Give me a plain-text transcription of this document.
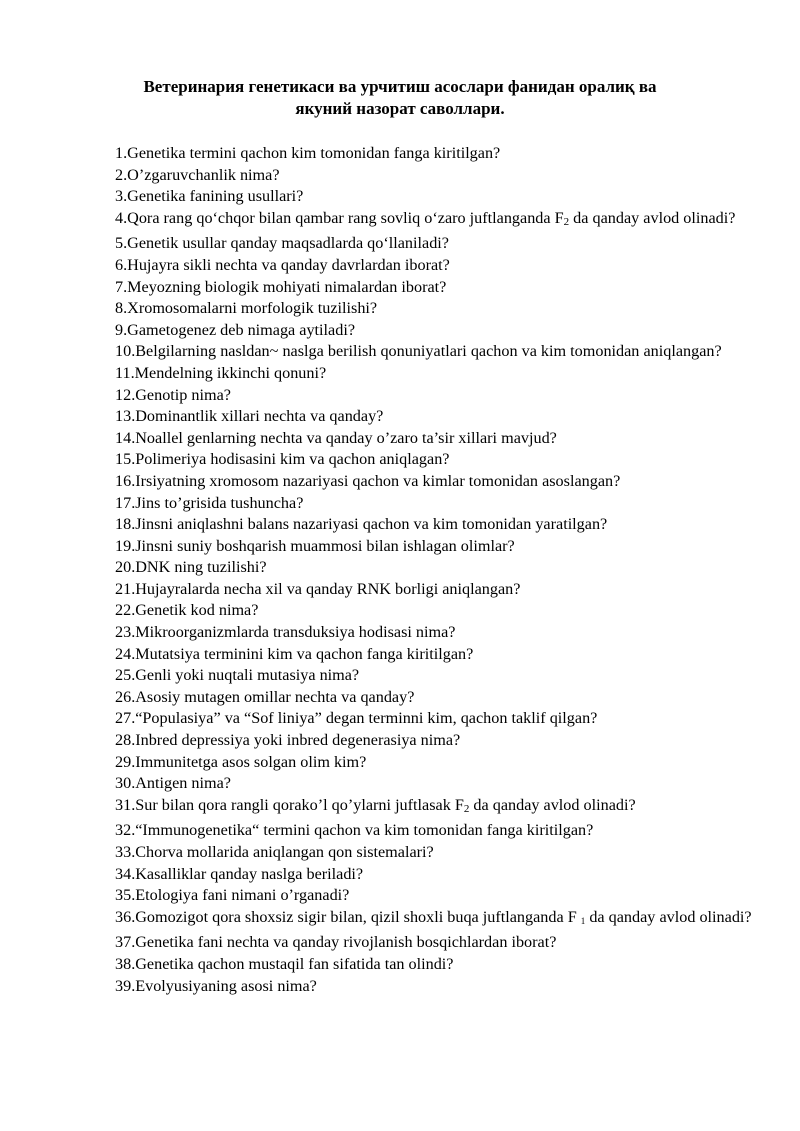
Ветеринария генетикаси ва урчитиш асослари фанидан оралиқ ва
якуний назорат саволлари.
1.Genetika termini qachon kim tomonidan fanga kiritilgan?
2.O’zgaruvchanlik nima?
3.Genetika fanining usullari?
4.Qora rang qo‘chqor bilan qambar rang sovliq o‘zaro juftlanganda F2 da qanday avlod olinadi?
5.Genetik usullar qanday maqsadlarda qo‘llaniladi?
6.Hujayra sikli nechta va qanday davrlardan iborat?
7.Meyozning biologik mohiyati nimalardan iborat?
8.Xromosomalarni morfologik tuzilishi?
9.Gametogenez deb nimaga aytiladi?
10.Belgilarning nasldan~ naslga berilish qonuniyatlari qachon va kim tomonidan aniqlangan?
11.Mendelning ikkinchi qonuni?
12.Genotip nima?
13.Dominantlik xillari nechta va qanday?
14.Noallel genlarning nechta va qanday o’zaro ta’sir xillari mavjud?
15.Polimeriya hodisasini kim va qachon aniqlagan?
16.Irsiyatning xromosom nazariyasi qachon va kimlar tomonidan asoslangan?
17.Jins to’grisida tushuncha?
18.Jinsni aniqlashni balans nazariyasi qachon va kim tomonidan yaratilgan?
19.Jinsni suniy boshqarish muammosi bilan ishlagan olimlar?
20.DNK ning tuzilishi?
21.Hujayralarda necha xil va qanday RNK borligi aniqlangan?
22.Genetik kod nima?
23.Mikroorganizmlarda transduksiya hodisasi nima?
24.Mutatsiya terminini kim va qachon fanga kiritilgan?
25.Genli yoki nuqtali mutasiya nima?
26.Asosiy mutagen omillar nechta va qanday?
27.“Populasiya” va “Sof liniya” degan terminni kim, qachon taklif qilgan?
28.Inbred depressiya yoki inbred degenerasiya nima?
29.Immunitetga asos solgan olim kim?
30.Antigen nima?
31.Sur bilan qora rangli qorako’l qo’ylarni juftlasak F2 da qanday avlod olinadi?
32.“Immunogenetika“ termini qachon va kim tomonidan fanga kiritilgan?
33.Chorva mollarida aniqlangan qon sistemalari?
34.Kasalliklar qanday naslga beriladi?
35.Etologiya fani nimani o’rganadi?
36.Gomozigot qora shoxsiz sigir bilan, qizil shoxli buqa juftlanganda F $_1$ da qanday avlod olinadi?
37.Genetika fani nechta va qanday rivojlanish bosqichlardan iborat?
38.Genetika qachon mustaqil fan sifatida tan olindi?
39.Evolyusiyaning asosi nima?
